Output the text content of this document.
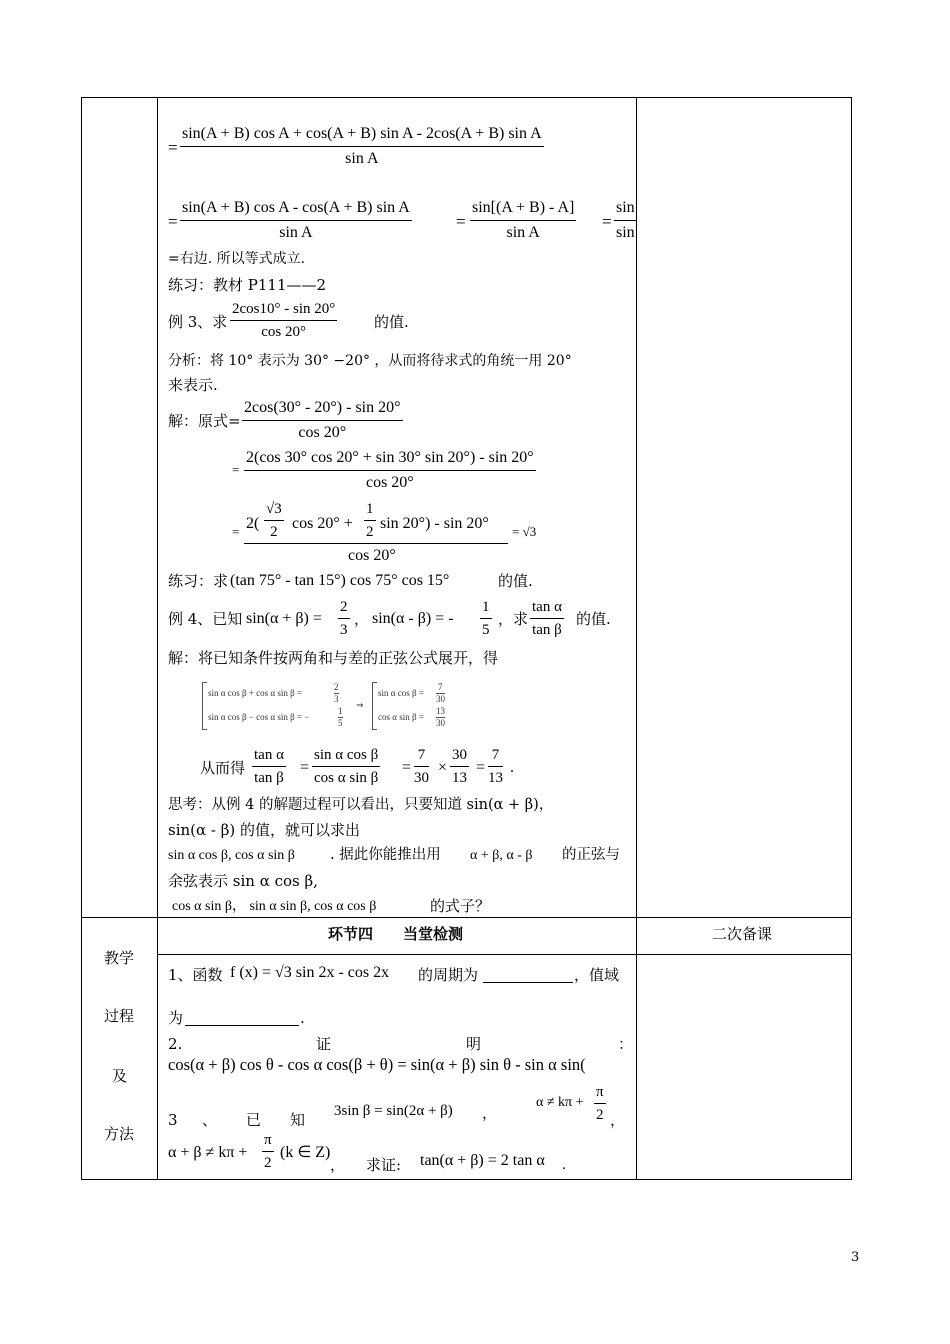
= $\frac{\text{sin(A + B) cos A + cos(A + B) sin A - 2cos(A + B) sin A}}{\text{sin A}}$
= $\frac{\text{sin(A + B) cos A - cos(A + B) sin A}}{\text{sin A}}$	= $\frac{\sin[(A + B) - A]}{\text{sin A}} = \frac{\sin}{\sin}$
=右边. 所以等式成立.
练习：教材 P111——2
例 3、求 $\frac{2\cos 10^\circ - \sin 20^\circ}{\cos 20^\circ}$ 的值.
分析：将 10° 表示为 30° −20° ，从而将待求式的角统一用 20°
来表示.
解：原式= $\frac{2\cos(30^\circ - 20^\circ) - \sin 20^\circ}{\cos 20^\circ}$
= $\frac{2(\cos 30^\circ \cos 20^\circ + \sin 30^\circ \sin 20^\circ) - \sin 20^\circ}{\cos 20^\circ}$
= $2( \frac{√3}{2}$ $\cos 20^\circ + \frac{1}{2}$ sin 20°) - sin 20°
cos 20°
= √3
练习：求 (tan 75° - tan 15°) cos 75° cos 15°	的值.
例 4、已知 $\sin(\alpha + \beta) = \frac{2}{3}$ ， sin(α - β) = - $\frac{1}{5}$ ，求 $\frac{\text{tan α}}{\text{tan β}}$ 的值.
解：将已知条件按两角和与差的正弦公式展开，得
sin α cos β + cos α sin β =
2
3
sin α cos β − cos α sin β = −
1
5
⇒
sin α cos β =
7
30
cos α sin β =
13
30
从而得 $\frac{\text{tan α}}{\text{tan β}} = \frac{\text{sin α cos β}}{\text{cos α sin β}} = \frac{7}{30} \times \frac{30}{13} = \frac{7}{13}$ .
思考：从例 4 的解题过程可以看出，只要知道 sin(α + β)，
sin(α - β) 的值，就可以求出
sin α cos β, cos α sin β . 据此你能推出用 α + β, α - β 的正弦与
余弦表示 sin α cos β,
cos α sin β， sin α sin β, cos α cos β	的式子？
教学
过程
及
方法
环节四　　当堂检测	二次备课
1、函数 f (x) = √3 sin 2x - cos 2x 的周期为	，值域
为	.
2.	证	明	：
cos(α + β) cos θ - cos α cos(β + θ) = sin(α + β) sin θ - sin α sin(
3 、 已 知 3sin β = sin(2α + β) ，
$\alpha \ne k\pi + \frac{\pi}{2}$ ，
$\alpha + \beta \ne k\pi + \frac{\pi}{2} (k$ ∈ Z)
， 求证: tan(α + β) = 2 tan α .
3
